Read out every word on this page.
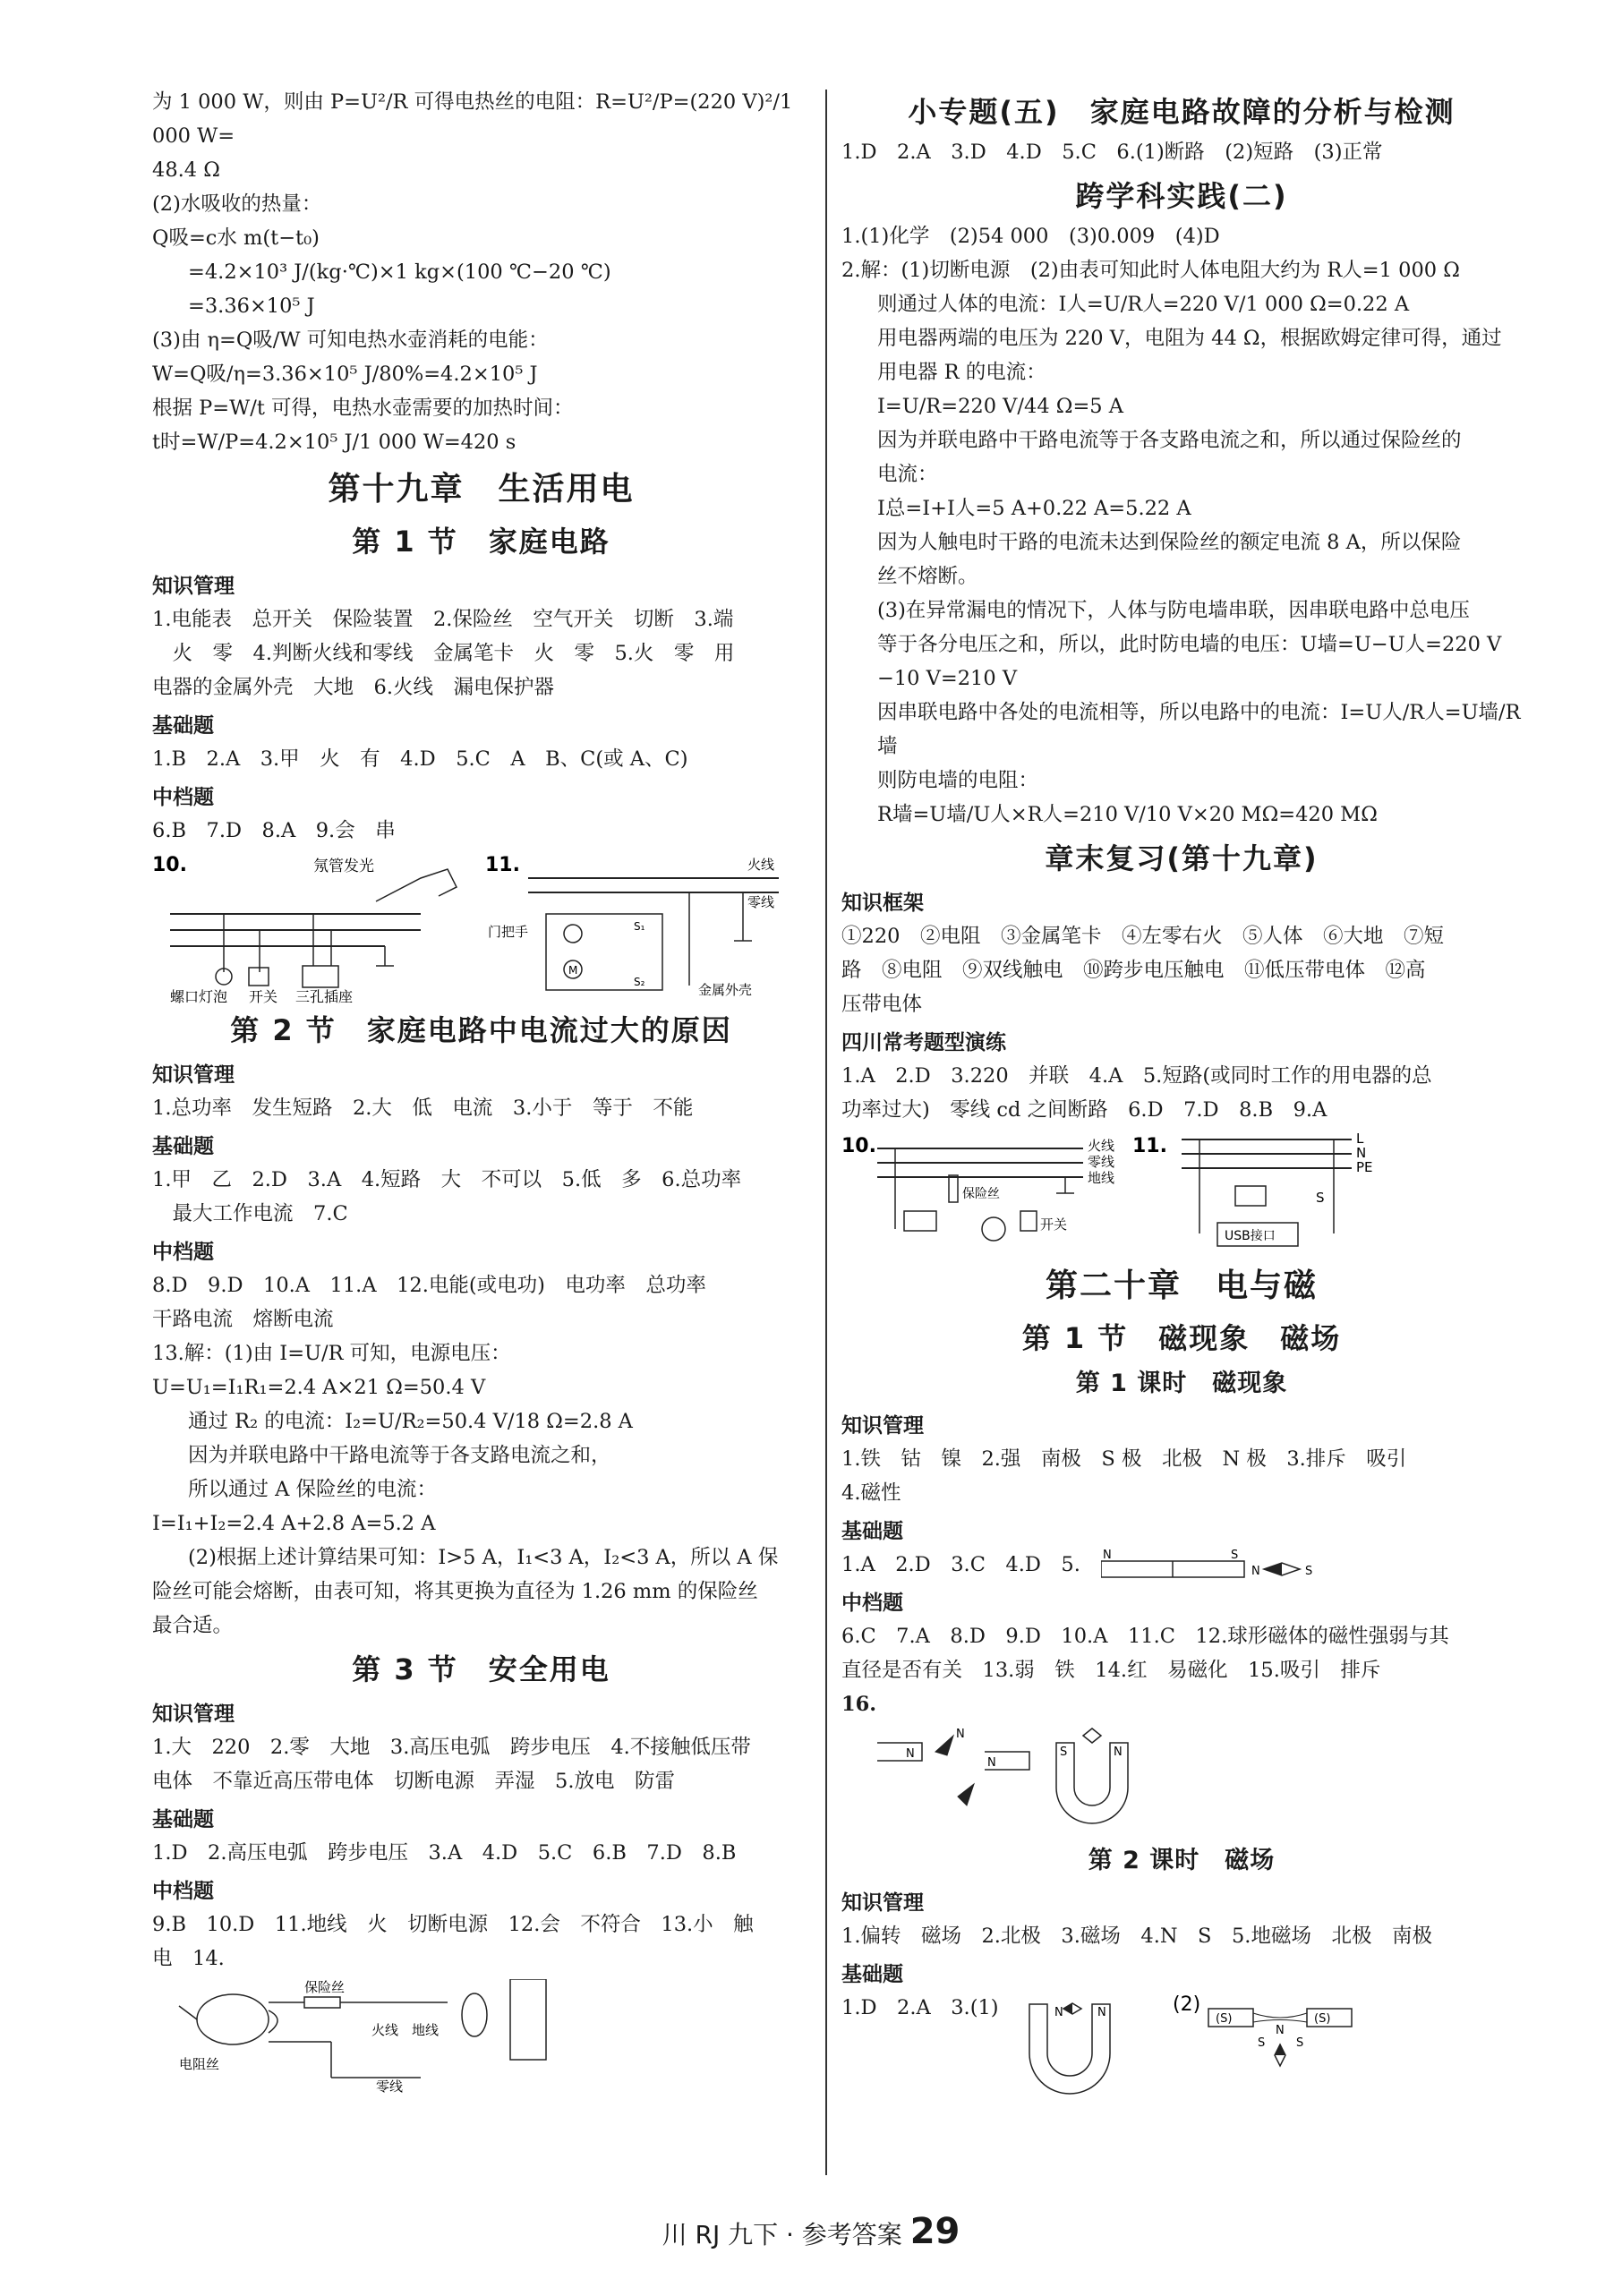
为 1 000 W，则由 P=U²/R 可得电热丝的电阻：R=U²/P=(220 V)²/1 000 W=

48.4 Ω

(2)水吸收的热量：

Q吸=c水 m(t−t₀)

=4.2×10³ J/(kg·℃)×1 kg×(100 ℃−20 ℃)

=3.36×10⁵ J

(3)由 η=Q吸/W 可知电热水壶消耗的电能：

W=Q吸/η=3.36×10⁵ J/80%=4.2×10⁵ J

根据 P=W/t 可得，电热水壶需要的加热时间：

t时=W/P=4.2×10⁵ J/1 000 W=420 s

第十九章　生活用电
第 1 节　家庭电路
知识管理

1.电能表　总开关　保险装置　2.保险丝　空气开关　切断　3.端

　火　零　4.判断火线和零线　金属笔卡　火　零　5.火　零　用

电器的金属外壳　大地　6.火线　漏电保护器

基础题

1.B　2.A　3.甲　火　有　4.D　5.C　A　B、C(或 A、C)

中档题

6.B　7.D　8.A　9.会　串

10.	氖管发光
螺口灯泡 开关 三孔插座
11.	火线
零线
M
S₁
S₂
门把手
金属外壳
第 2 节　家庭电路中电流过大的原因
知识管理

1.总功率　发生短路　2.大　低　电流　3.小于　等于　不能

基础题

1.甲　乙　2.D　3.A　4.短路　大　不可以　5.低　多　6.总功率

　最大工作电流　7.C

中档题

8.D　9.D　10.A　11.A　12.电能(或电功)　电功率　总功率

干路电流　熔断电流

13.解：(1)由 I=U/R 可知，电源电压：

U=U₁=I₁R₁=2.4 A×21 Ω=50.4 V

通过 R₂ 的电流：I₂=U/R₂=50.4 V/18 Ω=2.8 A

因为并联电路中干路电流等于各支路电流之和，

所以通过 A 保险丝的电流：

I=I₁+I₂=2.4 A+2.8 A=5.2 A

(2)根据上述计算结果可知：I>5 A，I₁<3 A，I₂<3 A，所以 A 保

险丝可能会熔断，由表可知，将其更换为直径为 1.26 mm 的保险丝

最合适。

第 3 节　安全用电
知识管理

1.大　220　2.零　大地　3.高压电弧　跨步电压　4.不接触低压带

电体　不靠近高压带电体　切断电源　弄湿　5.放电　防雷

基础题

1.D　2.高压电弧　跨步电压　3.A　4.D　5.C　6.B　7.D　8.B

中档题

9.B　10.D　11.地线　火　切断电源　12.会　不符合　13.小　触

电　14.

保险丝
电阻丝
火线 地线
零线
小专题(五)　家庭电路故障的分析与检测

1.D　2.A　3.D　4.D　5.C　6.(1)断路　(2)短路　(3)正常

跨学科实践(二)

1.(1)化学　(2)54 000　(3)0.009　(4)D

2.解：(1)切断电源　(2)由表可知此时人体电阻大约为 R人=1 000 Ω

则通过人体的电流：I人=U/R人=220 V/1 000 Ω=0.22 A

用电器两端的电压为 220 V，电阻为 44 Ω，根据欧姆定律可得，通过

用电器 R 的电流：

I=U/R=220 V/44 Ω=5 A

因为并联电路中干路电流等于各支路电流之和，所以通过保险丝的

电流：

I总=I+I人=5 A+0.22 A=5.22 A

因为人触电时干路的电流未达到保险丝的额定电流 8 A，所以保险

丝不熔断。

(3)在异常漏电的情况下，人体与防电墙串联，因串联电路中总电压

等于各分电压之和，所以，此时防电墙的电压：U墙=U−U人=220 V

−10 V=210 V

因串联电路中各处的电流相等，所以电路中的电流：I=U人/R人=U墙/R墙

则防电墙的电阻：

R墙=U墙/U人×R人=210 V/10 V×20 MΩ=420 MΩ

章末复习(第十九章)
知识框架

①220　②电阻　③金属笔卡　④左零右火　⑤人体　⑥大地　⑦短

路　⑧电阻　⑨双线触电　⑩跨步电压触电　⑪低压带电体　⑫高

压带电体

四川常考题型演练

1.A　2.D　3.220　并联　4.A　5.短路(或同时工作的用电器的总

功率过大)　零线 cd 之间断路　6.D　7.D　8.B　9.A

10.	火线
零线
地线
保险丝
开关
11.	L
N
PE
S
USB接口
第二十章　电与磁
第 1 节　磁现象　磁场
第 1 课时　磁现象
知识管理

1.铁　钴　镍　2.强　南极　S 极　北极　N 极　3.排斥　吸引

4.磁性

基础题

1.A　2.D　3.C　4.D　5. N	S
N	S
中档题

6.C　7.A　8.D　9.D　10.A　11.C　12.球形磁体的磁性强弱与其

直径是否有关　13.弱　铁　14.红　易磁化　15.吸引　排斥

16.

N
N
N
S	N
第 2 课时　磁场
知识管理

1.偏转　磁场　2.北极　3.磁场　4.N　S　5.地磁场　北极　南极

基础题

1.D　2.A　3.(1)	N	N	(2)
(S)	(S)
N
S	S
川 RJ 九下 · 参考答案 29
